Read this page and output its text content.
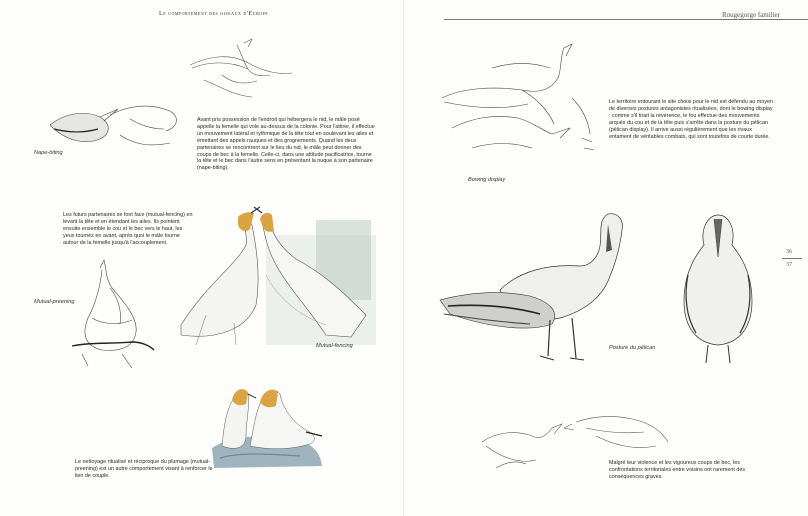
Le comportement des oiseaux d'Europe
Nape-biting
Avant pris possession de l'endroit qui hébergera le nid, le mâle posé appelle la femelle qui vole au-dessus de la colonie. Pour l'attirer, il effectue un mouvement latéral et rythmique de la tête tout en soulevant les ailes et émettant des appels rauques et des grognements. Quand les deux partenaires se rencontrent sur le lieu du nid, le mâle peut donner des coups de bec à la femelle. Celle-ci, dans une attitude pacificatrice, tourne la tête et le bec dans l'autre sens en présentant la nuque à son partenaire (nape-biting).
Les futurs partenaires se font face (mutual-fencing) en levant la tête et en étendant les ailes. Ils pointent ensuite ensemble le cou et le bec vers le haut, les yeux tournés en avant, après quoi le mâle tourne autour de la femelle jusqu'à l'accouplement.
Mutual-fencing
Mutual-preening
Le nettoyage ritualisé et réciproque du plumage (mutual-preening) est un autre comportement visant à renforcer le lien de couple.
Rougegorge familier
Bowing display
Le territoire entourant le site choisi pour le nid est défendu au moyen de diverses postures antagonistes ritualisées, dont le bowing display : comme s'il tirait la révérence, le fou effectue des mouvements arqués du cou et de la tête puis s'arrête dans la posture du pélican (pélican display). Il arrive aussi régulièrement que les rivaux entament de véritables combats, qui sont toutefois de courte durée.
Posture du pélican
Malgré leur violence et les vigoureux coups de bec, les confrontations territoriales entre voisins ont rarement des conséquences graves.
36
37
